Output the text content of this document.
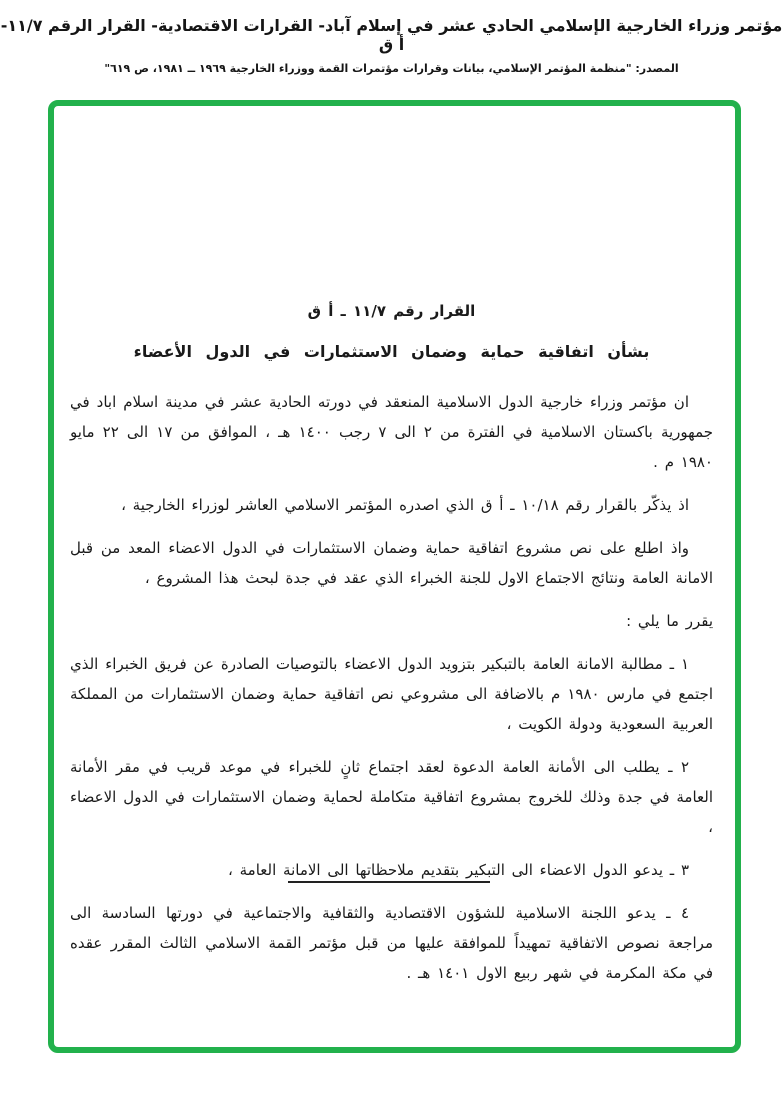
مؤتمر وزراء الخارجية الإسلامي الحادي عشر في إسلام آباد- القرارات الاقتصادية- القرار الرقم ١١/٧- أ ق
المصدر: "منظمة المؤتمر الإسلامي، بيانات وقرارات مؤتمرات القمة ووزراء الخارجية ١٩٦٩ ــ ١٩٨١، ص ٦١٩"
القرار رقم ١١/٧ ـ أ ق
بشأن اتفاقية حماية وضمان الاستثمارات في الدول الأعضاء
ان مؤتمر وزراء خارجية الدول الاسلامية المنعقد في دورته الحادية عشر في مدينة اسلام اباد في جمهورية باكستان الاسلامية في الفترة من ٢ الى ٧ رجب ١٤٠٠ هـ ، الموافق من ١٧ الى ٢٢ مايو ١٩٨٠ م .
اذ يذكّر بالقرار رقم ١٠/١٨ ـ أ ق الذي اصدره المؤتمر الاسلامي العاشر لوزراء الخارجية ،
واذ اطلع على نص مشروع اتفاقية حماية وضمان الاستثمارات في الدول الاعضاء المعد من قبل الامانة العامة ونتائج الاجتماع الاول للجنة الخبراء الذي عقد في جدة لبحث هذا المشروع ،
يقرر ما يلي :
١ ـ مطالبة الامانة العامة بالتبكير بتزويد الدول الاعضاء بالتوصيات الصادرة عن فريق الخبراء الذي اجتمع في مارس ١٩٨٠ م بالاضافة الى مشروعي نص اتفاقية حماية وضمان الاستثمارات من المملكة العربية السعودية ودولة الكويت ،
٢ ـ يطلب الى الأمانة العامة الدعوة لعقد اجتماع ثانٍ للخبراء في موعد قريب في مقر الأمانة العامة في جدة وذلك للخروج بمشروع اتفاقية متكاملة لحماية وضمان الاستثمارات في الدول الاعضاء ،
٣ ـ يدعو الدول الاعضاء الى التبكير بتقديم ملاحظاتها الى الامانة العامة ،
٤ ـ يدعو اللجنة الاسلامية للشؤون الاقتصادية والثقافية والاجتماعية في دورتها السادسة الى مراجعة نصوص الاتفاقية تمهيداً للموافقة عليها من قبل مؤتمر القمة الاسلامي الثالث المقرر عقده في مكة المكرمة في شهر ربيع الاول ١٤٠١ هـ .
